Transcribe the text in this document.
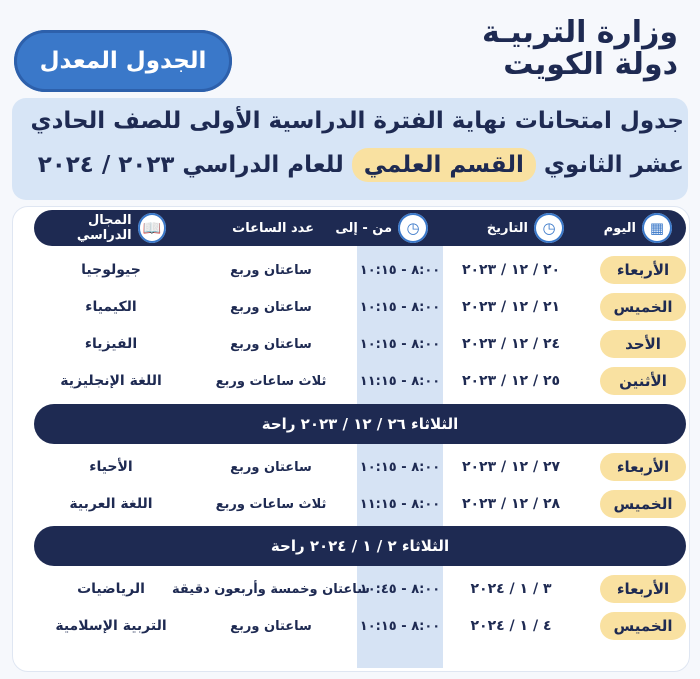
وزارة التربيـة
دولة الكويت
الجدول المعدل
جدول امتحانات نهاية الفترة الدراسية الأولى للصف الحادي
عشر الثانوي
القسم العلمي
للعام الدراسي ٢٠٢٣ / ٢٠٢٤
▦
اليوم
◷
التاريخ
◷
من - إلى
عدد الساعات
📖
المجال الدراسي
الأربعاء
٢٠ / ١٢ / ٢٠٢٣
٨:٠٠ - ١٠:١٥
ساعتان وربع
جيولوجيا
الخميس
٢١ / ١٢ / ٢٠٢٣
٨:٠٠ - ١٠:١٥
ساعتان وربع
الكيمياء
الأحد
٢٤ / ١٢ / ٢٠٢٣
٨:٠٠ - ١٠:١٥
ساعتان وربع
الفيزياء
الأثنين
٢٥ / ١٢ / ٢٠٢٣
٨:٠٠ - ١١:١٥
ثلاث ساعات وربع
اللغة الإنجليزية
الثلاثاء ٢٦ / ١٢ / ٢٠٢٣ راحة
الأربعاء
٢٧ / ١٢ / ٢٠٢٣
٨:٠٠ - ١٠:١٥
ساعتان وربع
الأحياء
الخميس
٢٨ / ١٢ / ٢٠٢٣
٨:٠٠ - ١١:١٥
ثلاث ساعات وربع
اللغة العربية
الثلاثاء ٢ / ١ / ٢٠٢٤ راحة
الأربعاء
٣ / ١ / ٢٠٢٤
٨:٠٠ - ١٠:٤٥
ساعتان وخمسة وأربعون دقيقة
الرياضيات
الخميس
٤ / ١ / ٢٠٢٤
٨:٠٠ - ١٠:١٥
ساعتان وربع
التربية الإسلامية
